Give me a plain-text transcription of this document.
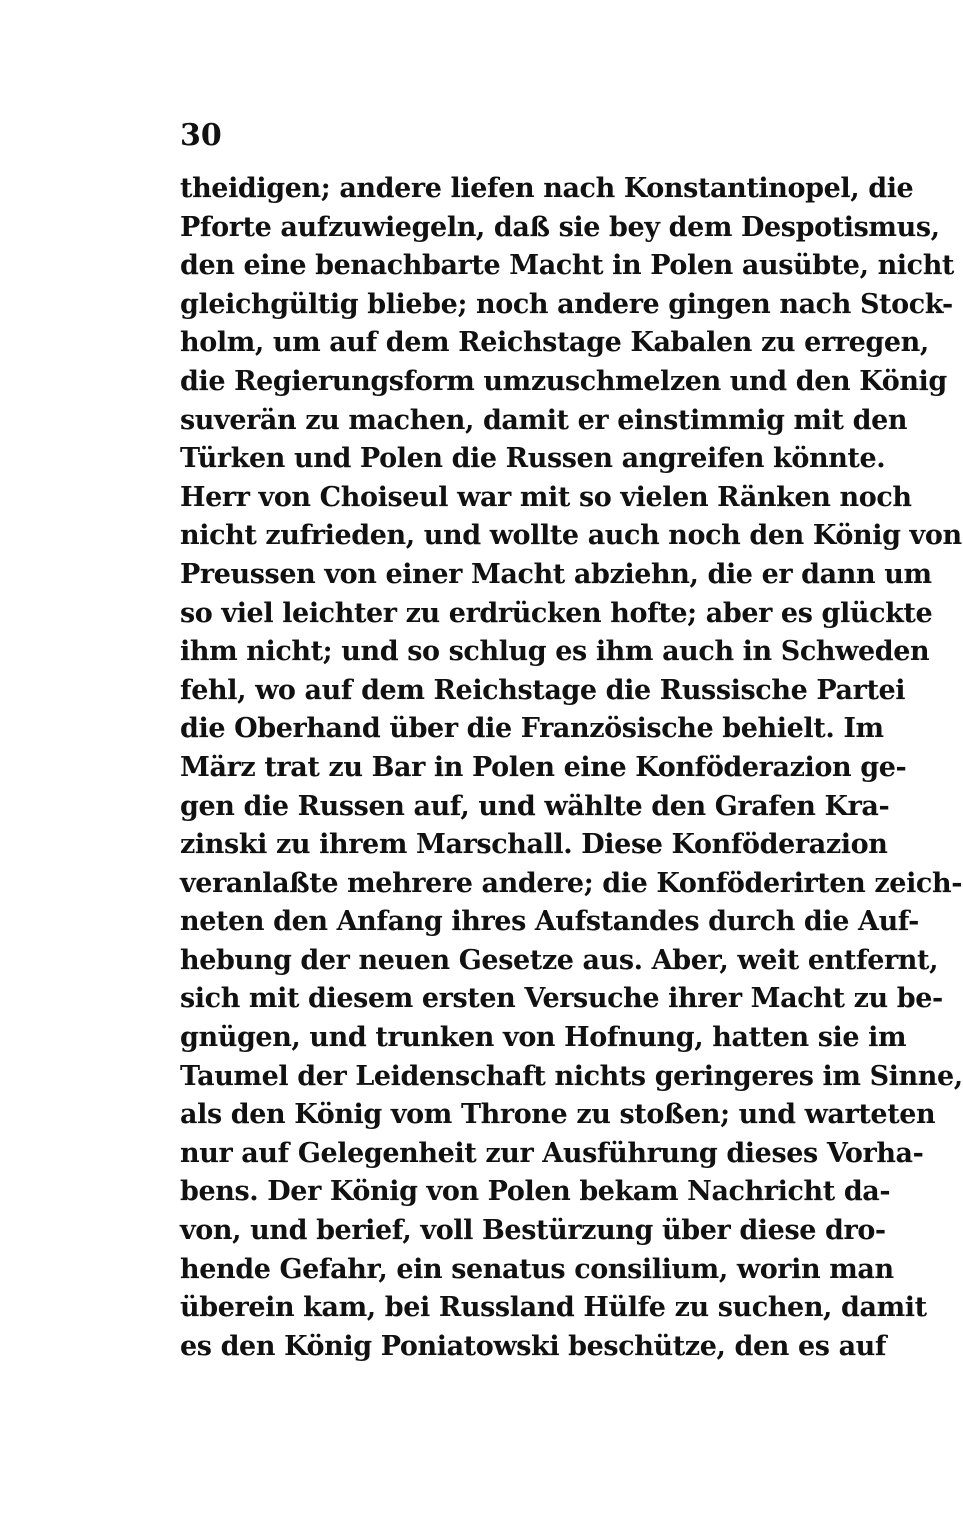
30
theidigen; andere liefen nach Konstantinopel, die
Pforte aufzuwiegeln, daß sie bey dem Despotismus,
den eine benachbarte Macht in Polen ausübte, nicht
gleichgültig bliebe; noch andere gingen nach Stock-
holm, um auf dem Reichstage Kabalen zu erregen,
die Regierungsform umzuschmelzen und den König
suverän zu machen, damit er einstimmig mit den
Türken und Polen die Russen angreifen könnte.
Herr von Choiseul war mit so vielen Ränken noch
nicht zufrieden, und wollte auch noch den König von
Preussen von einer Macht abziehn, die er dann um
so viel leichter zu erdrücken hofte; aber es glückte
ihm nicht; und so schlug es ihm auch in Schweden
fehl, wo auf dem Reichstage die Russische Partei
die Oberhand über die Französische behielt. Im
März trat zu Bar in Polen eine Konföderazion ge-
gen die Russen auf, und wählte den Grafen Kra-
zinski zu ihrem Marschall. Diese Konföderazion
veranlaßte mehrere andere; die Konföderirten zeich-
neten den Anfang ihres Aufstandes durch die Auf-
hebung der neuen Gesetze aus. Aber, weit entfernt,
sich mit diesem ersten Versuche ihrer Macht zu be-
gnügen, und trunken von Hofnung, hatten sie im
Taumel der Leidenschaft nichts geringeres im Sinne,
als den König vom Throne zu stoßen; und warteten
nur auf Gelegenheit zur Ausführung dieses Vorha-
bens. Der König von Polen bekam Nachricht da-
von, und berief, voll Bestürzung über diese dro-
hende Gefahr, ein senatus consilium, worin man
überein kam, bei Russland Hülfe zu suchen, damit
es den König Poniatowski beschütze, den es auf
